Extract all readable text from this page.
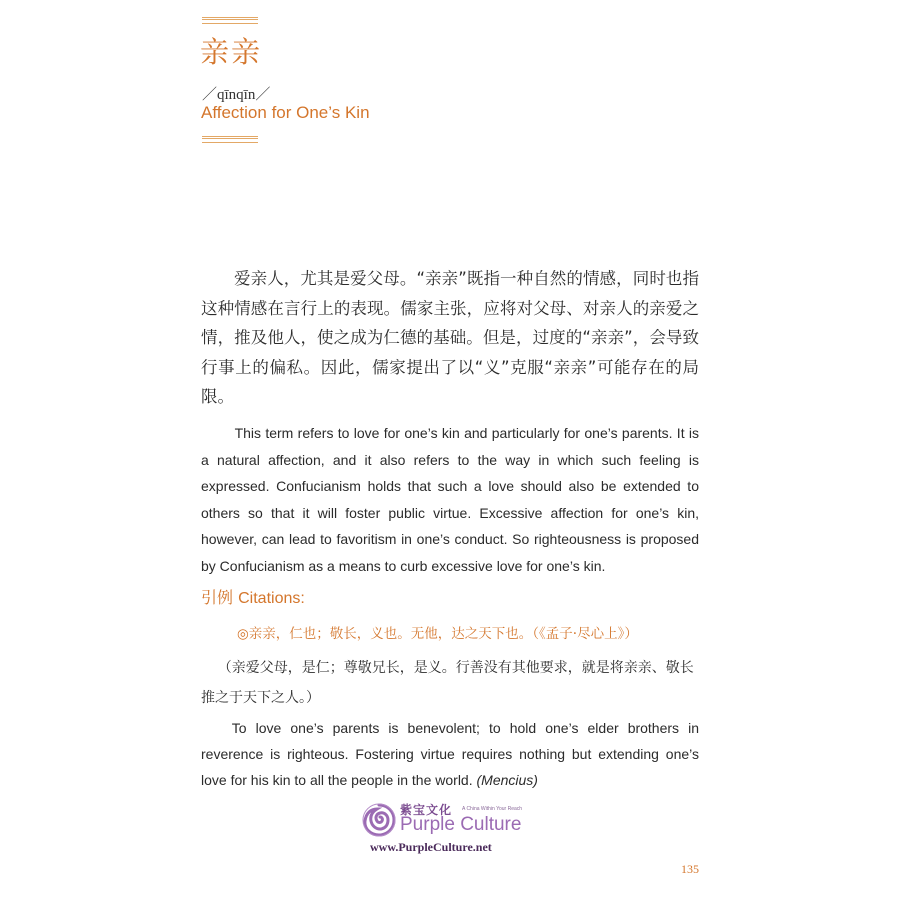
亲亲
／qīnqīn／
Affection for One’s Kin

爱亲人，尤其是爱父母。“亲亲”既指一种自然的情感，同时也指这种情感在言行上的表现。儒家主张，应将对父母、对亲人的亲爱之情，推及他人，使之成为仁德的基础。但是，过度的“亲亲”，会导致行事上的偏私。因此，儒家提出了以“义”克服“亲亲”可能存在的局限。

This term refers to love for one’s kin and particularly for one’s parents. It is a natural affection, and it also refers to the way in which such feeling is expressed. Confucianism holds that such a love should also be extended to others so that it will foster public virtue. Excessive affection for one’s kin, however, can lead to favoritism in one’s conduct. So righteousness is proposed by Confucianism as a means to curb excessive love for one’s kin.

引例 Citations:
◎亲亲，仁也；敬长，义也。无他，达之天下也。（《孟子·尽心上》）

（亲爱父母，是仁；尊敬兄长，是义。行善没有其他要求，就是将亲亲、敬长推之于天下之人。）

To love one’s parents is benevolent; to hold one’s elder brothers in reverence is righteous. Fostering virtue requires nothing but extending one’s love for his kin to all the people in the world. (Mencius)

紫宝文化 A China Within Your Reach
Purple Culture
www.PurpleCulture.net
135
